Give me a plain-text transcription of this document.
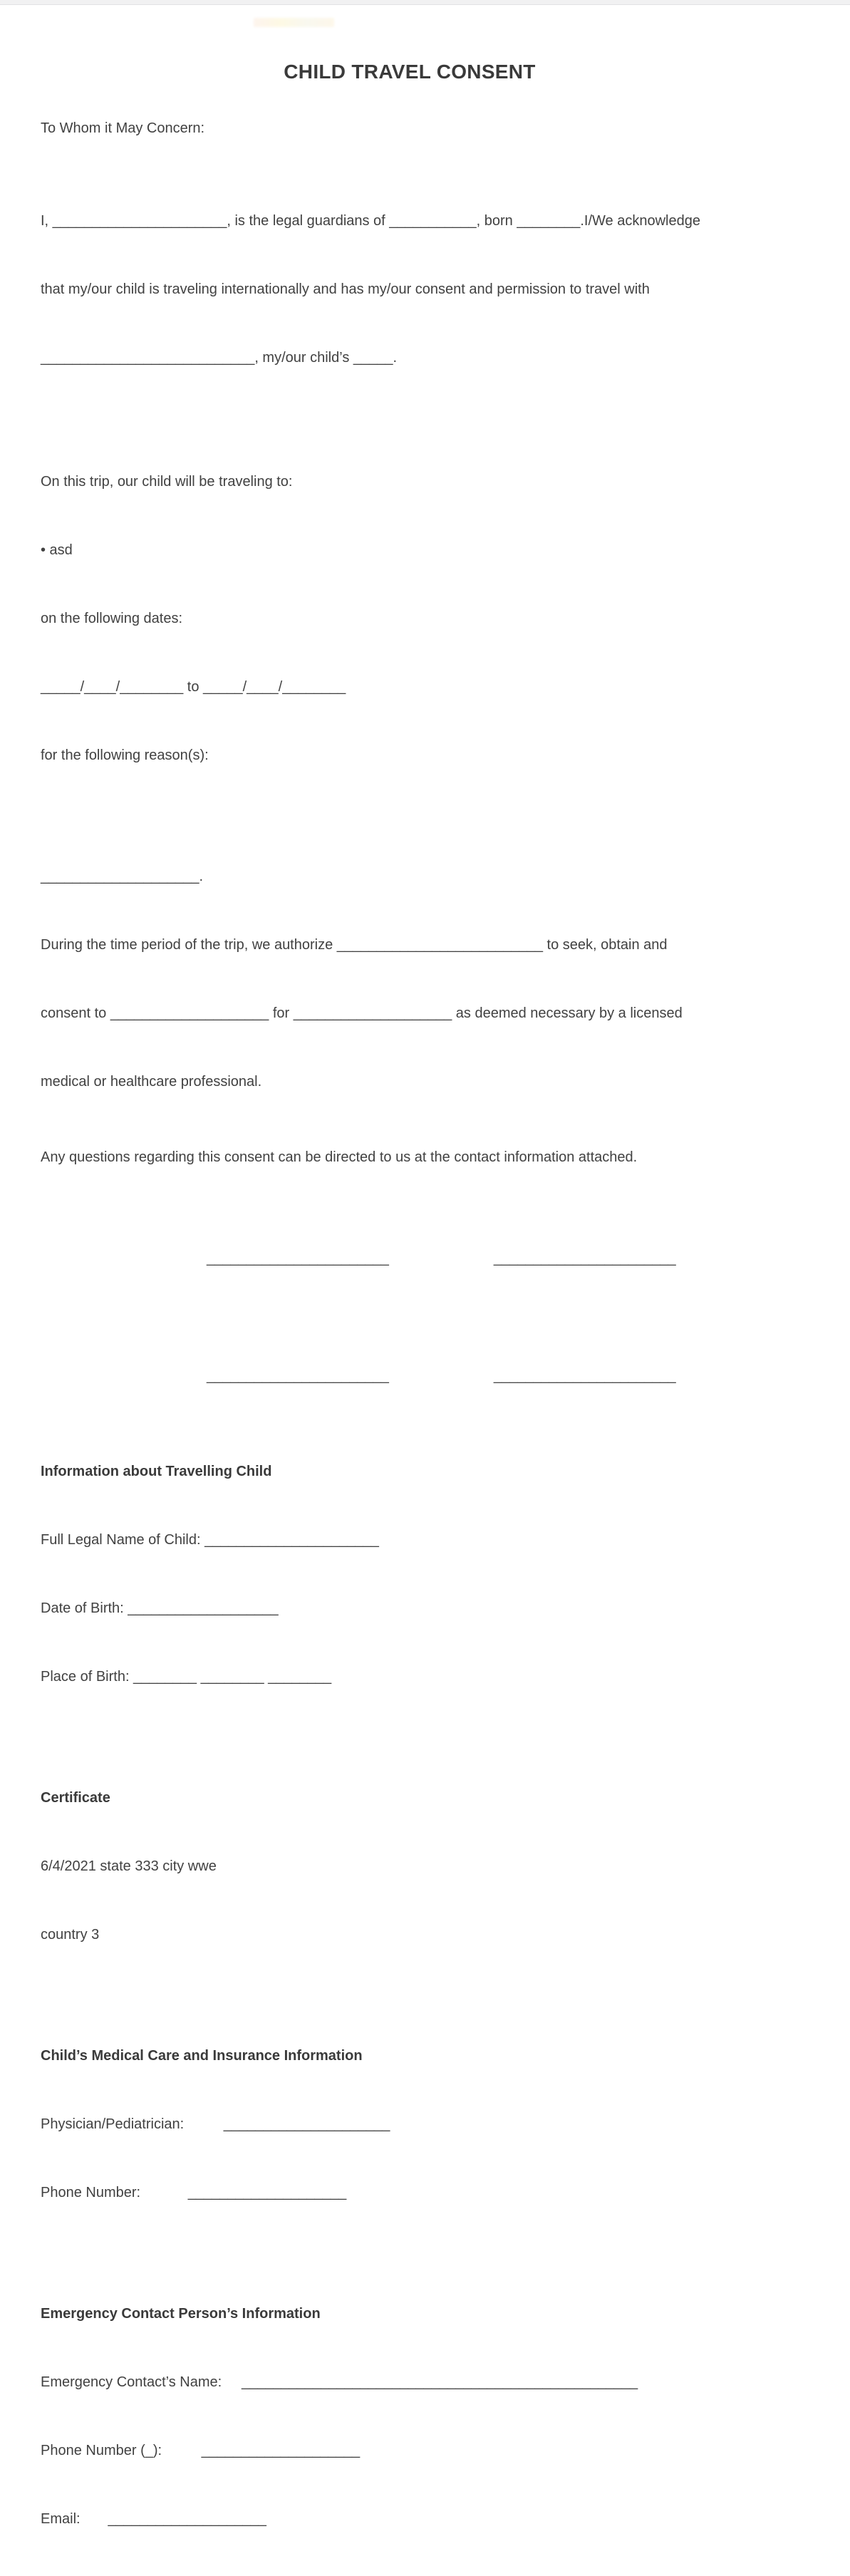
CHILD TRAVEL CONSENT

To Whom it May Concern:

I, ______________________, is the legal guardians of ___________, born ________.I/We acknowledge

that my/our child is traveling internationally and has my/our consent and permission to travel with

___________________________, my/our child’s _____.

On this trip, our child will be traveling to:

• asd

on the following dates:

_____/____/________ to _____/____/________

for the following reason(s):

____________________.

During the time period of the trip, we authorize __________________________ to seek, obtain and

consent to ____________________ for ____________________ as deemed necessary by a licensed

medical or healthcare professional.

Any questions regarding this consent can be directed to us at the contact information attached.

_______________________	_______________________
_______________________	_______________________

Information about Travelling Child

Full Legal Name of Child: ______________________

Date of Birth: ___________________

Place of Birth: ________ ________ ________

Certificate

6/4/2021 state 333 city wwe

country 3

Child’s Medical Care and Insurance Information

Physician/Pediatrician:          _____________________

Phone Number:            ____________________

Emergency Contact Person’s Information

Emergency Contact’s Name:     __________________________________________________

Phone Number (_):          ____________________

Email:       ____________________
